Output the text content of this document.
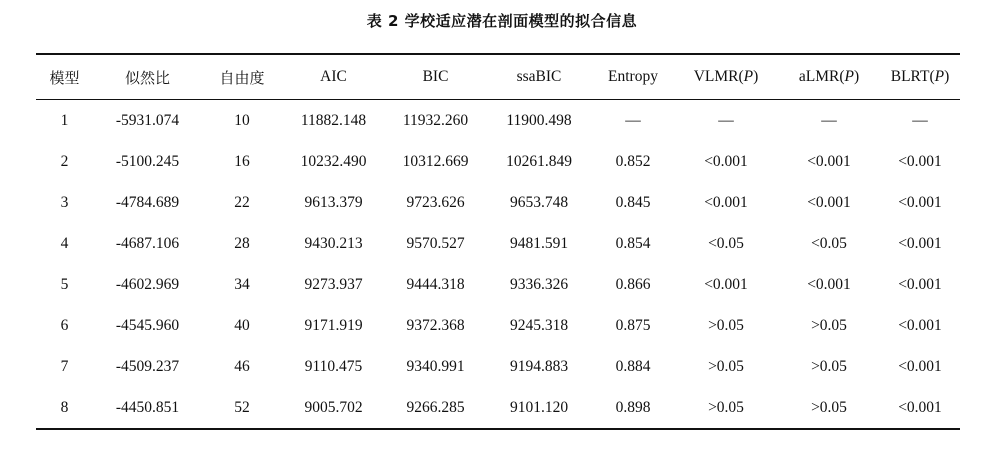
表 2 学校适应潜在剖面模型的拟合信息
模型	似然比	自由度	AIC	BIC	ssaBIC	Entropy	VLMR(P)	aLMR(P)	BLRT(P)
1	-5931.074	10	11882.148	11932.260	11900.498	—	—	—	—
2	-5100.245	16	10232.490	10312.669	10261.849	0.852	<0.001	<0.001	<0.001
3	-4784.689	22	9613.379	9723.626	9653.748	0.845	<0.001	<0.001	<0.001
4	-4687.106	28	9430.213	9570.527	9481.591	0.854	<0.05	<0.05	<0.001
5	-4602.969	34	9273.937	9444.318	9336.326	0.866	<0.001	<0.001	<0.001
6	-4545.960	40	9171.919	9372.368	9245.318	0.875	>0.05	>0.05	<0.001
7	-4509.237	46	9110.475	9340.991	9194.883	0.884	>0.05	>0.05	<0.001
8	-4450.851	52	9005.702	9266.285	9101.120	0.898	>0.05	>0.05	<0.001
